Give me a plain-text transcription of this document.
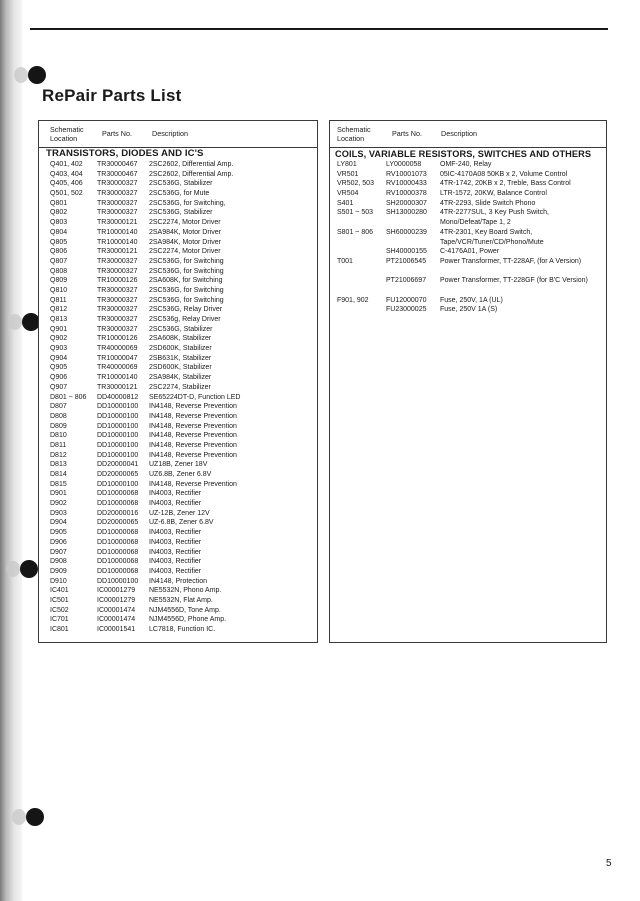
RePair Parts List
Schematic
Location
Parts No.	Description
TRANSISTORS, DIODES AND IC'S
Q401, 402 TR30000467 2SC2602, Differential Amp.
Q403, 404 TR30000467 2SC2602, Differential Amp.
Q405, 406 TR30000327 2SC536G, Stabilizer
Q501, 502 TR30000327 2SC536G, for Mute
Q801	TR30000327 2SC536G, for Switching,
Q802	TR30000327 2SC536G, Stabilizer
Q803	TR30000121 2SC2274, Motor Driver
Q804	TR10000140 2SA984K, Motor Driver
Q805	TR10000140 2SA984K, Motor Driver
Q806	TR30000121 2SC2274, Motor Driver
Q807	TR30000327 2SC536G, for Switching
Q808	TR30000327 2SC536G, for Switching
Q809	TR10000126 2SA608K, for Switching
Q810	TR30000327 2SC536G, for Switching
Q811	TR30000327 2SC536G, for Switching
Q812	TR30000327 2SC536G, Relay Driver
Q813	TR30000327 2SC536g, Relay Driver
Q901	TR30000327 2SC536G, Stabilizer
Q902	TR10000126 2SA608K, Stabilizer
Q903	TR40000069 2SD600K, Stabilizer
Q904	TR10000047 2SB631K, Stabilizer
Q905	TR40000069 2SD600K, Stabilizer
Q906	TR10000140 2SA984K, Stabilizer
Q907	TR30000121 2SC2274, Stabilizer
D801 ~ 806 DD40000812 SE65224DT-D, Function LED
D807	DD10000100 IN4148, Reverse Prevention
D808	DD10000100 IN4148, Reverse Prevention
D809	DD10000100 IN4148, Reverse Prevention
D810	DD10000100 IN4148, Reverse Prevention
D811	DD10000100 IN4148, Reverse Prevention
D812	DD10000100 IN4148, Reverse Prevention
D813	DD20000041 UZ18B, Zener 18V
D814	DD20000065 UZ6.8B, Zener 6.8V
D815	DD10000100 IN4148, Reverse Prevention
D901	DD10000068 IN4003, Rectifier
D902	DD10000068 IN4003, Rectifier
D903	DD20000016 UZ-12B, Zener 12V
D904	DD20000065 UZ-6.8B, Zener 6.8V
D905	DD10000068 IN4003, Rectifier
D906	DD10000068 IN4003, Rectifier
D907	DD10000068 IN4003, Rectifier
D908	DD10000068 IN4003, Rectifier
D909	DD10000068 IN4003, Rectifier
D910	DD10000100 IN4148, Protection
IC401	IC00001279 NE5532N, Phono Amp.
IC501	IC00001279 NE5532N, Flat Amp.
IC502	IC00001474 NJM4556D, Tone Amp.
IC701	IC00001474 NJM4556D, Phone Amp.
IC801	IC00001541 LC7818, Function IC.
Schematic
Location
Parts No.	Description
COILS, VARIABLE RESISTORS, SWITCHES AND OTHERS
LY801	LY0000058	OMF-240, Relay
VR501	RV10001073 05IC-4170A08 50KB x 2, Volume Control
VR502, 503 RV10000433 4TR-1742, 20KB x 2, Treble, Bass Control
VR504	RV10000378 LTR-1572, 20KW, Balance Control
S401	SH20000307 4TR-2293, Slide Switch Phono
S501 ~ 503 SH13000280 4TR-2277SUL, 3 Key Push Switch, Mono/Defeat/Tape 1, 2
S801 ~ 806 SH60000239 4TR-2301, Key Board Switch, Tape/VCR/Tuner/CD/Phono/Mute
SH40000155 C-4176A01, Power
T001	PT21006545 Power Transformer, TT-228AF, (for A Version)
PT21006697 Power Transformer, TT-228GF (for B'C Version)
F901, 902 FU12000070 Fuse, 250V, 1A (UL)
FU23000025 Fuse, 250V 1A (S)
5
